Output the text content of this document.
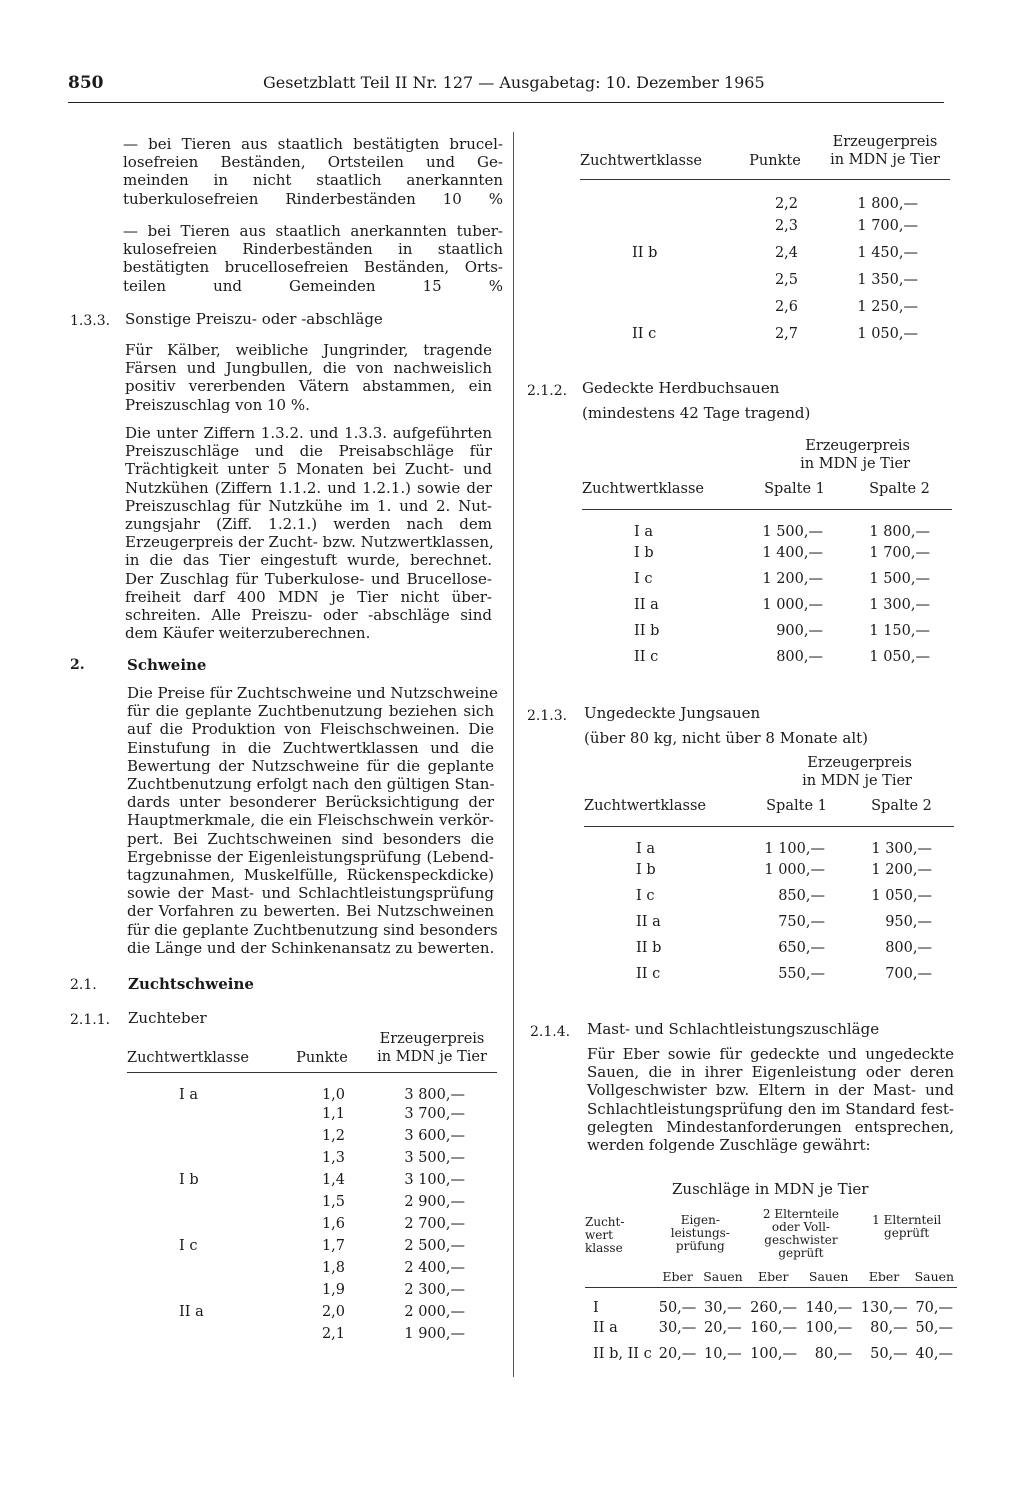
850	Gesetzblatt Teil II Nr. 127 — Ausgabetag: 10. Dezember 1965
— bei Tieren aus staatlich bestätigten brucel-
losefreien Beständen, Ortsteilen und Ge-
meinden in nicht staatlich anerkannten
tuberkulosefreien Rinderbeständen 10 %
— bei Tieren aus staatlich anerkannten tuber-
kulosefreien Rinderbeständen in staatlich
bestätigten brucellosefreien Beständen, Orts-
teilen und Gemeinden 15 %
1.3.3. Sonstige Preiszu- oder -abschläge
Für Kälber, weibliche Jungrinder, tragende
Färsen und Jungbullen, die von nachweislich
positiv vererbenden Vätern abstammen, ein
Preiszuschlag von 10 %.
Die unter Ziffern 1.3.2. und 1.3.3. aufgeführten
Preiszuschläge und die Preisabschläge für
Trächtigkeit unter 5 Monaten bei Zucht- und
Nutzkühen (Ziffern 1.1.2. und 1.2.1.) sowie der
Preiszuschlag für Nutzkühe im 1. und 2. Nut-
zungsjahr (Ziff. 1.2.1.) werden nach dem
Erzeugerpreis der Zucht- bzw. Nutzwertklassen,
in die das Tier eingestuft wurde, berechnet.
Der Zuschlag für Tuberkulose- und Brucellose-
freiheit darf 400 MDN je Tier nicht über-
schreiten. Alle Preiszu- oder -abschläge sind
dem Käufer weiterzuberechnen.
2.	Schweine
Die Preise für Zuchtschweine und Nutzschweine
für die geplante Zuchtbenutzung beziehen sich
auf die Produktion von Fleischschweinen. Die
Einstufung in die Zuchtwertklassen und die
Bewertung der Nutzschweine für die geplante
Zuchtbenutzung erfolgt nach den gültigen Stan-
dards unter besonderer Berücksichtigung der
Hauptmerkmale, die ein Fleischschwein verkör-
pert. Bei Zuchtschweinen sind besonders die
Ergebnisse der Eigenleistungsprüfung (Lebend-
tagzunahmen, Muskelfülle, Rückenspeckdicke)
sowie der Mast- und Schlachtleistungsprüfung
der Vorfahren zu bewerten. Bei Nutzschweinen
für die geplante Zuchtbenutzung sind besonders
die Länge und der Schinkenansatz zu bewerten.
2.1. Zuchtschweine
2.1.1. Zuchteber
Zuchtwertklasse	Punkte	Erzeugerpreis
in MDN je Tier
I a	1,0	3 800,—
	1,1	3 700,—
	1,2	3 600,—
	1,3	3 500,—
I b	1,4	3 100,—
	1,5	2 900,—
	1,6	2 700,—
I c	1,7	2 500,—
	1,8	2 400,—
	1,9	2 300,—
II a	2,0	2 000,—
	2,1	1 900,—
Zuchtwertklasse	Punkte	Erzeugerpreis
in MDN je Tier
	2,2	1 800,—
	2,3	1 700,—
II b	2,4	1 450,—
	2,5	1 350,—
	2,6	1 250,—
II c	2,7	1 050,—
2.1.2. Gedeckte Herdbuchsauen
(mindestens 42 Tage tragend)
		Erzeugerpreis
in MDN je Tier	
Zuchtwertklasse		Spalte 1	Spalte 2
I a		1 500,—	1 800,—
I b		1 400,—	1 700,—
I c		1 200,—	1 500,—
II a		1 000,—	1 300,—
II b		900,—	1 150,—
II c		800,—	1 050,—
2.1.3. Ungedeckte Jungsauen
(über 80 kg, nicht über 8 Monate alt)
		Erzeugerpreis
in MDN je Tier	
Zuchtwertklasse		Spalte 1	Spalte 2
I a		1 100,—	1 300,—
I b		1 000,—	1 200,—
I c		850,—	1 050,—
II a		750,—	950,—
II b		650,—	800,—
II c		550,—	700,—
2.1.4. Mast- und Schlachtleistungszuschläge
Für Eber sowie für gedeckte und ungedeckte
Sauen, die in ihrer Eigenleistung oder deren
Vollgeschwister bzw. Eltern in der Mast- und
Schlachtleistungsprüfung den im Standard fest-
gelegten Mindestanforderungen entsprechen,
werden folgende Zuschläge gewährt:
Zuschläge in MDN je Tier
Zucht-
wert
klasse	Eigen-
leistungs-
prüfung		2 Elternteile
oder Voll-
geschwister
geprüft		1 Elternteil
geprüft	

	Eber	Sauen	Eber	Sauen	Eber	Sauen
I	50,—	30,—	260,—	140,—	130,—	70,—
II a	30,—	20,—	160,—	100,—	80,—	50,—
II b, II c	20,—	10,—	100,—	80,—	50,—	40,—
